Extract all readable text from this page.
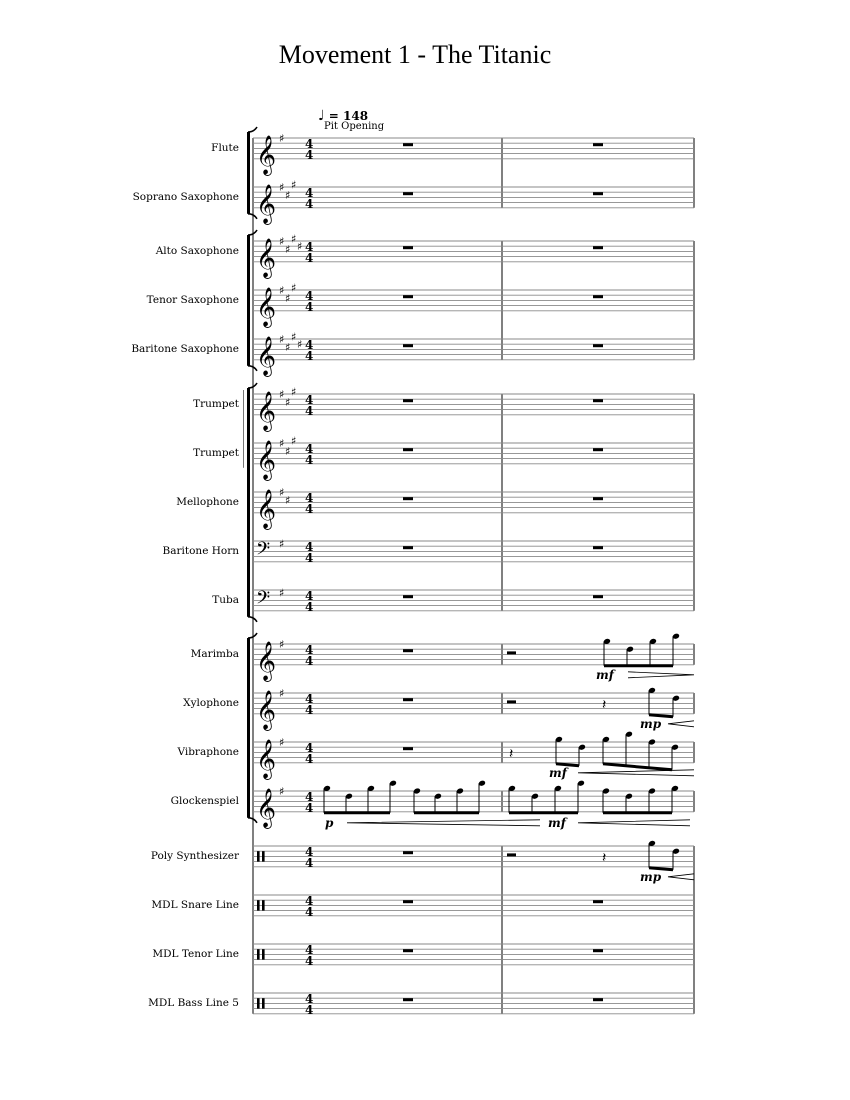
Movement 1 - The Titanic
♩ = 148
Pit Opening
Flute
Soprano Saxophone
Alto Saxophone
Tenor Saxophone
Baritone Saxophone
Trumpet
Trumpet
Mellophone
Baritone Horn
Tuba
Marimba
Xylophone
Vibraphone
Glockenspiel
Poly Synthesizer
MDL Snare Line
MDL Tenor Line
MDL Bass Line 5
𝄞 ♯ 4
4
𝄞 ♯
♯
♯
4
4
𝄞 ♯
♯
♯
♯ 4
4
𝄞 ♯
♯
♯
4
4
𝄞 ♯
♯
♯
♯ 4
4
𝄞 ♯
♯
♯
4
4
𝄞 ♯
♯
♯
4
4
𝄞 ♯
♯ 4
4
𝄢 ♯ 4
4
𝄢 ♯ 4
4
𝄞 ♯ 4
4
mf
𝄞 ♯ 4
4	𝄽
mp
𝄞 ♯ 4
4	𝄽
mf
𝄞 ♯ 4
4
p	mf
4
4	𝄽
mp
4
4
4
4
4
4
